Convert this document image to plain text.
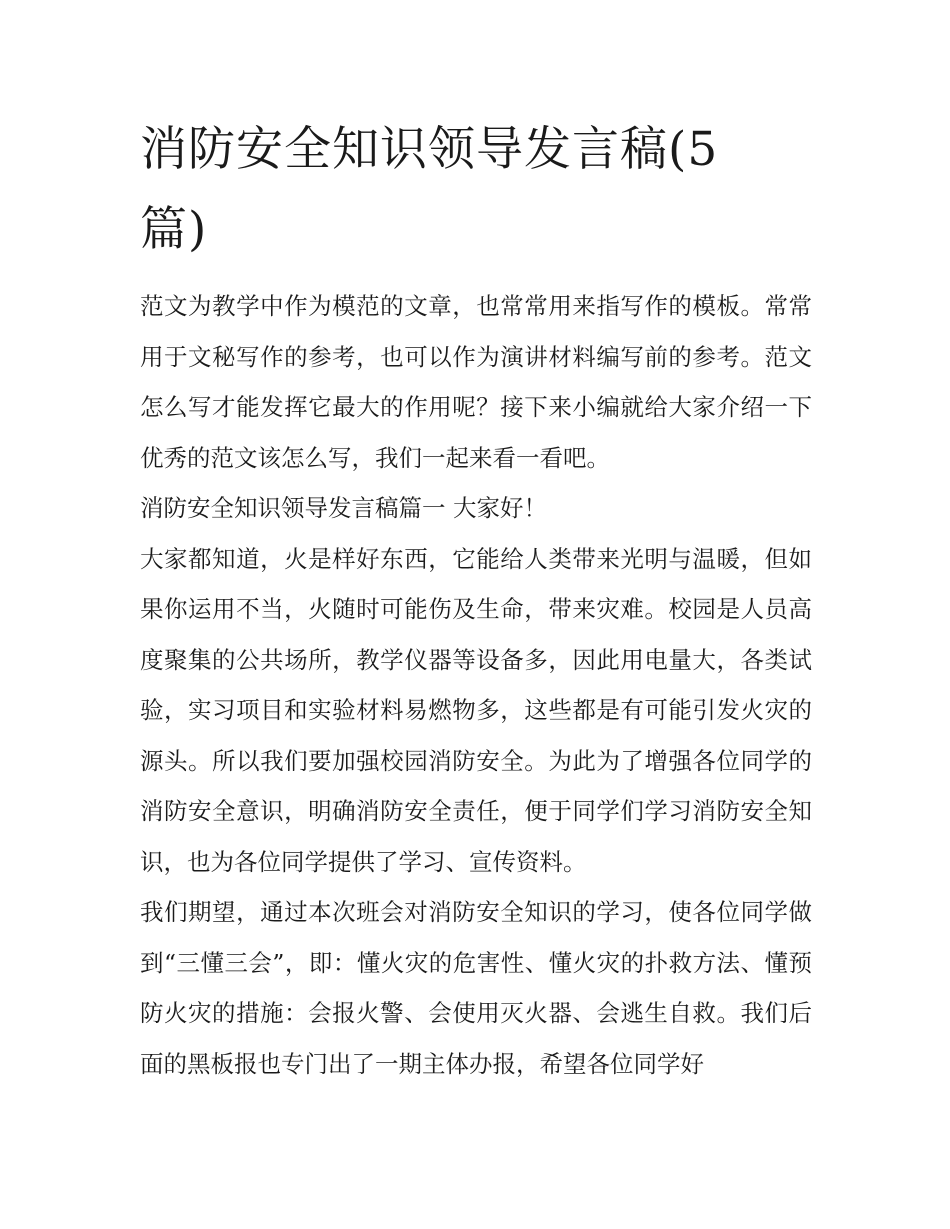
消防安全知识领导发言稿(5篇)

范文为教学中作为模范的文章，也常常用来指写作的模板。常常用于文秘写作的参考，也可以作为演讲材料编写前的参考。范文怎么写才能发挥它最大的作用呢？接下来小编就给大家介绍一下优秀的范文该怎么写，我们一起来看一看吧。

消防安全知识领导发言稿篇一 大家好！

大家都知道，火是样好东西，它能给人类带来光明与温暖，但如果你运用不当，火随时可能伤及生命，带来灾难。校园是人员高度聚集的公共场所，教学仪器等设备多，因此用电量大，各类试验，实习项目和实验材料易燃物多，这些都是有可能引发火灾的源头。所以我们要加强校园消防安全。为此为了增强各位同学的消防安全意识，明确消防安全责任，便于同学们学习消防安全知识，也为各位同学提供了学习、宣传资料。

我们期望，通过本次班会对消防安全知识的学习，使各位同学做到“三懂三会”，即：懂火灾的危害性、懂火灾的扑救方法、懂预防火灾的措施：会报火警、会使用灭火器、会逃生自救。我们后面的黑板报也专门出了一期主体办报，希望各位同学好
